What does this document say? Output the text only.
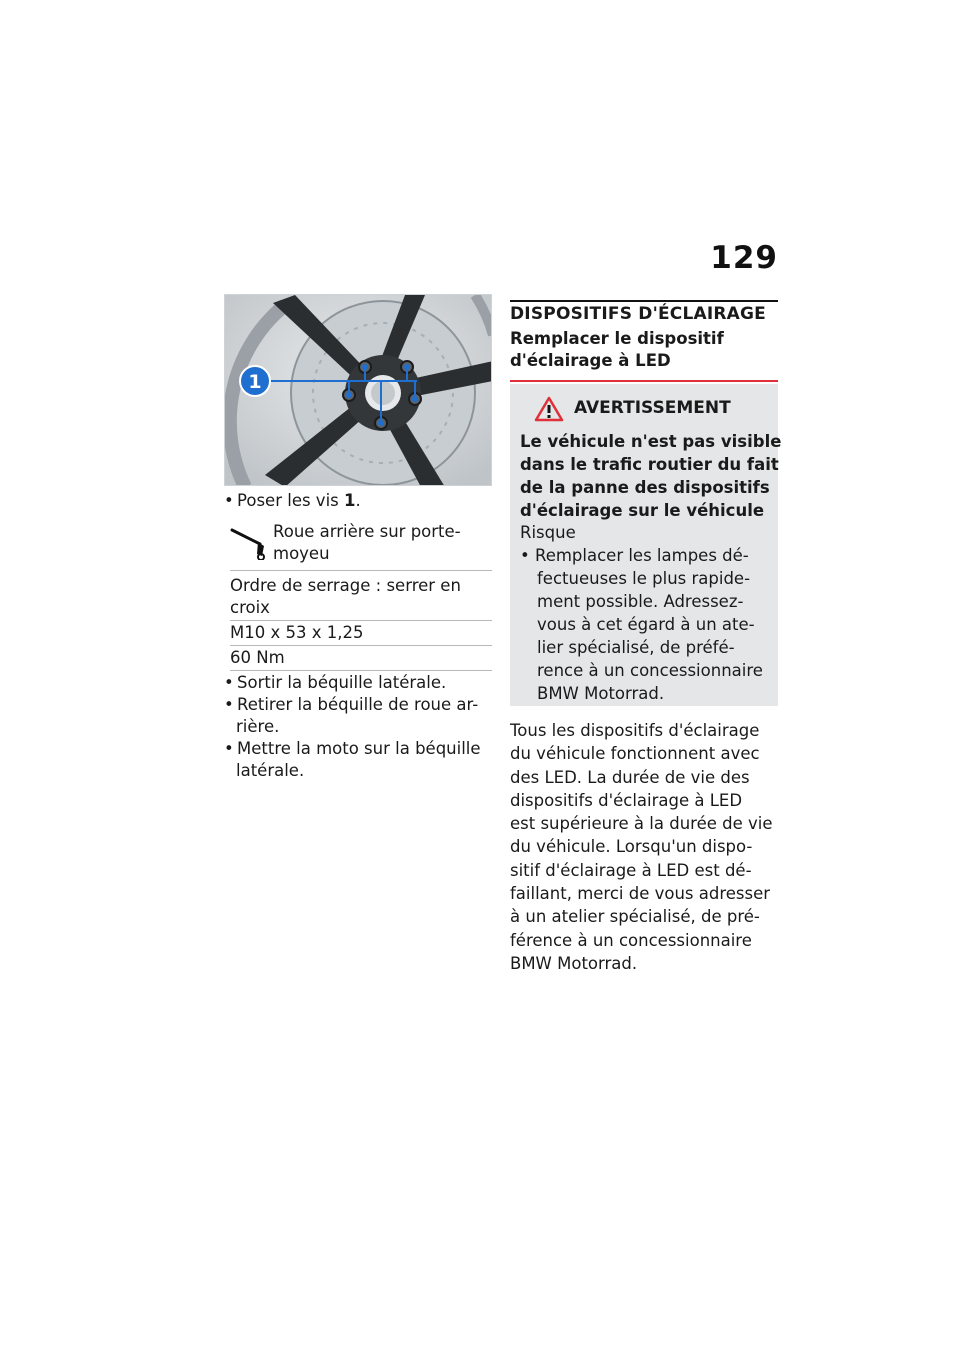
129
1
• Poser les vis 1.
Roue arrière sur porte-
moyeu
Ordre de serrage : serrer en
croix
M10 x 53 x 1,25
60 Nm
• Sortir la béquille latérale.
• Retirer la béquille de roue ar-
rière.
• Mettre la moto sur la béquille
latérale.
DISPOSITIFS D'ÉCLAIRAGE
Remplacer le dispositif
d'éclairage à LED
AVERTISSEMENT
Le véhicule n'est pas visible
dans le trafic routier du fait
de la panne des dispositifs
d'éclairage sur le véhicule
Risque
• Remplacer les lampes dé-
fectueuses le plus rapide-
ment possible. Adressez-
vous à cet égard à un ate-
lier spécialisé, de préfé-
rence à un concessionnaire
BMW Motorrad.
Tous les dispositifs d'éclairage
du véhicule fonctionnent avec
des LED. La durée de vie des
dispositifs d'éclairage à LED
est supérieure à la durée de vie
du véhicule. Lorsqu'un dispo-
sitif d'éclairage à LED est dé-
faillant, merci de vous adresser
à un atelier spécialisé, de pré-
férence à un concessionnaire
BMW Motorrad.
